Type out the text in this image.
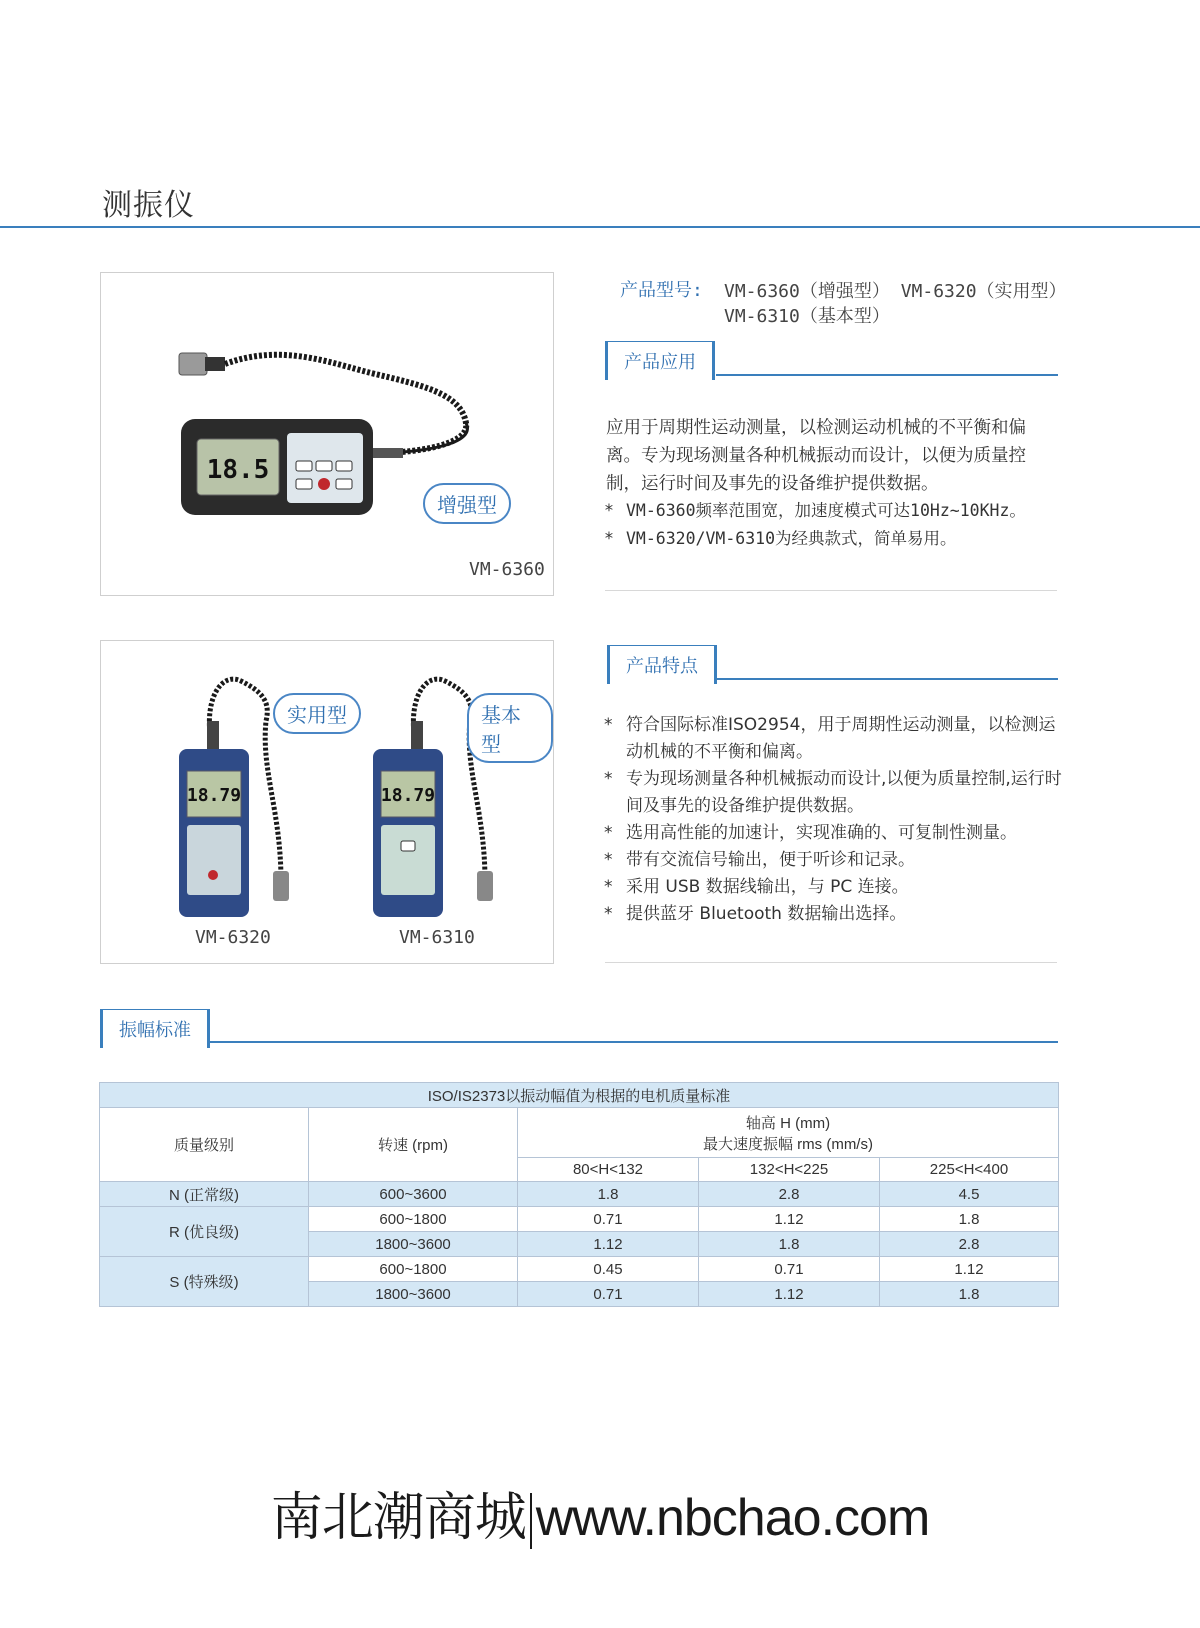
测振仪
18.5
增强型
VM-6360
18.79	18.79
实用型	基本型
VM-6320	VM-6310
产品型号: VM-6360（增强型） VM-6320（实用型）
VM-6310（基本型）
产品应用
应用于周期性运动测量，以检测运动机械的不平衡和偏离。专为现场测量各种机械振动而设计，以便为质量控制，运行时间及事先的设备维护提供数据。
* VM-6360频率范围宽，加速度模式可达10Hz~10KHz。
* VM-6320/VM-6310为经典款式，简单易用。
产品特点
* 符合国际标准ISO2954，用于周期性运动测量，以检测运动机械的不平衡和偏离。
* 专为现场测量各种机械振动而设计,以便为质量控制,运行时间及事先的设备维护提供数据。
* 选用高性能的加速计，实现准确的、可复制性测量。
* 带有交流信号输出，便于听诊和记录。
* 采用 USB 数据线输出，与 PC 连接。
* 提供蓝牙 Bluetooth 数据输出选择。
振幅标准
ISO/IS2373以振动幅值为根据的电机质量标准				
质量级别	转速 (rpm)	轴高 H (mm)
最大速度振幅 rms (mm/s)		

		80<H<132	132<H<225	225<H<400
N (正常级)	600~3600	1.8	2.8	4.5
R (优良级)	600~1800	0.71	1.12	1.8
	1800~3600	1.12	1.8	2.8
S (特殊级)	600~1800	0.45	0.71	1.12
	1800~3600	0.71	1.12	1.8
南北潮商城 www.nbchao.com
